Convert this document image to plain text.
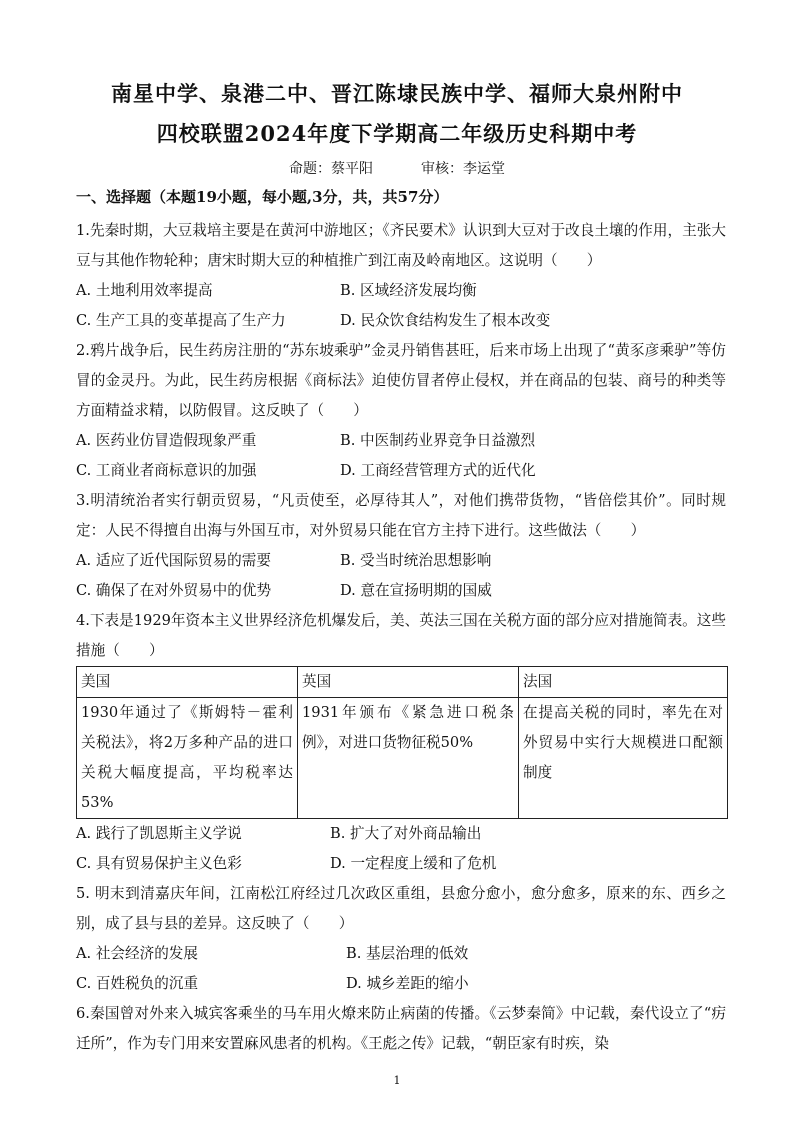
南星中学、泉港二中、晋江陈埭民族中学、福师大泉州附中
四校联盟2024年度下学期高二年级历史科期中考
命题：蔡平阳	审核：李运堂
一、选择题（本题19小题，每小题,3分，共，共57分）

1.先秦时期，大豆栽培主要是在黄河中游地区；《齐民要术》认识到大豆对于改良土壤的作用，主张大豆与其他作物轮种；唐宋时期大豆的种植推广到江南及岭南地区。这说明（　　）

A. 土地利用效率提高	B. 区域经济发展均衡
C. 生产工具的变革提高了生产力	D. 民众饮食结构发生了根本改变

2.鸦片战争后，民生药房注册的“苏东坡乘驴”金灵丹销售甚旺，后来市场上出现了“黄豕彦乘驴”等仿冒的金灵丹。为此，民生药房根据《商标法》迫使仿冒者停止侵权，并在商品的包装、商号的种类等方面精益求精，以防假冒。这反映了（　　）

A. 医药业仿冒造假现象严重	B. 中医制药业界竞争日益激烈
C. 工商业者商标意识的加强	D. 工商经营管理方式的近代化

3.明清统治者实行朝贡贸易，“凡贡使至，必厚待其人”，对他们携带货物，“皆倍偿其价”。同时规定：人民不得擅自出海与外国互市，对外贸易只能在官方主持下进行。这些做法（　　）

A. 适应了近代国际贸易的需要	B. 受当时统治思想影响
C. 确保了在对外贸易中的优势	D. 意在宣扬明期的国威

4.下表是1929年资本主义世界经济危机爆发后，美、英法三国在关税方面的部分应对措施简表。这些措施（　　）

美国	英国	法国
1930年通过了《斯姆特－霍利关税法》，将2万多种产品的进口关税大幅度提高，平均税率达53%	1931年颁布《紧急进口税条例》，对进口货物征税50%	在提高关税的同时，率先在对外贸易中实行大规模进口配额制度
A. 践行了凯恩斯主义学说	B. 扩大了对外商品输出
C. 具有贸易保护主义色彩	D. 一定程度上缓和了危机

5. 明末到清嘉庆年间，江南松江府经过几次政区重组，县愈分愈小，愈分愈多，原来的东、西乡之别，成了县与县的差异。这反映了（　　）

A. 社会经济的发展	B. 基层治理的低效
C. 百姓税负的沉重	D. 城乡差距的缩小

6.秦国曾对外来入城宾客乘坐的马车用火燎来防止病菌的传播。《云梦秦简》中记载，秦代设立了“疠迁所”，作为专门用来安置麻风患者的机构。《王彪之传》记载，“朝臣家有时疾，染

1
